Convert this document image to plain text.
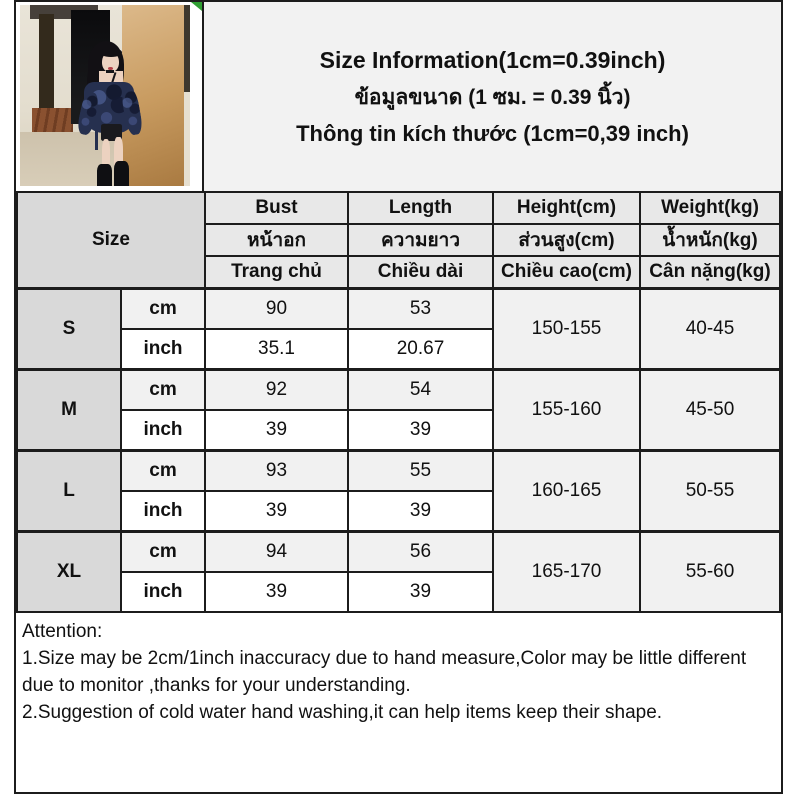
Size Information(1cm=0.39inch)
ข้อมูลขนาด (1 ซม. = 0.39 นิ้ว)
Thông tin kích thước (1cm=0,39 inch)
Size		Bust	Length	Height(cm)	Weight(kg)
		หน้าอก	ความยาว	ส่วนสูง(cm)	น้ำหนัก(kg)
		Trang chủ	Chiều dài	Chiều cao(cm)	Cân nặng(kg)
S	cm	90	53	150-155	40-45
	inch	35.1	20.67		
M	cm	92	54	155-160	45-50
	inch	39	39		
L	cm	93	55	160-165	50-55
	inch	39	39		
XL	cm	94	56	165-170	55-60
	inch	39	39		

Attention:

1.Size may be 2cm/1inch inaccuracy due to hand measure,Color may be little different due to monitor ,thanks for your understanding.

2.Suggestion of cold water hand washing,it can help items keep their shape.
